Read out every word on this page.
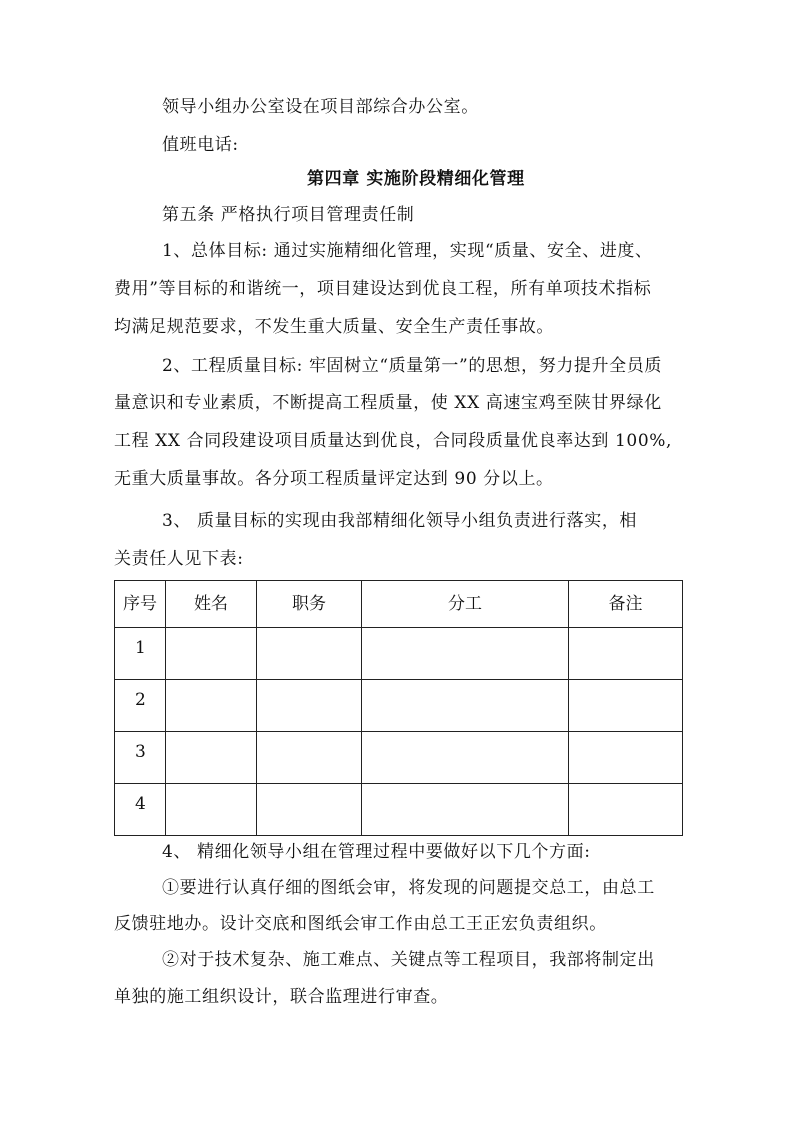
领导小组办公室设在项目部综合办公室。
值班电话:
第四章 实施阶段精细化管理
第五条 严格执行项目管理责任制
1、总体目标: 通过实施精细化管理，实现“质量、安全、进度、
费用”等目标的和谐统一，项目建设达到优良工程，所有单项技术指标
均满足规范要求，不发生重大质量、安全生产责任事故。
2、工程质量目标: 牢固树立“质量第一”的思想，努力提升全员质
量意识和专业素质，不断提高工程质量，使 XX 高速宝鸡至陕甘界绿化
工程 XX 合同段建设项目质量达到优良，合同段质量优良率达到 100%,
无重大质量事故。各分项工程质量评定达到 90 分以上。
3、 质量目标的实现由我部精细化领导小组负责进行落实，相
关责任人见下表:
序号	姓名	职务	分工	备注
1				
2				
3				
4				
4、 精细化领导小组在管理过程中要做好以下几个方面:
①要进行认真仔细的图纸会审，将发现的问题提交总工，由总工
反馈驻地办。设计交底和图纸会审工作由总工王正宏负责组织。
②对于技术复杂、施工难点、关键点等工程项目，我部将制定出
单独的施工组织设计，联合监理进行审查。
